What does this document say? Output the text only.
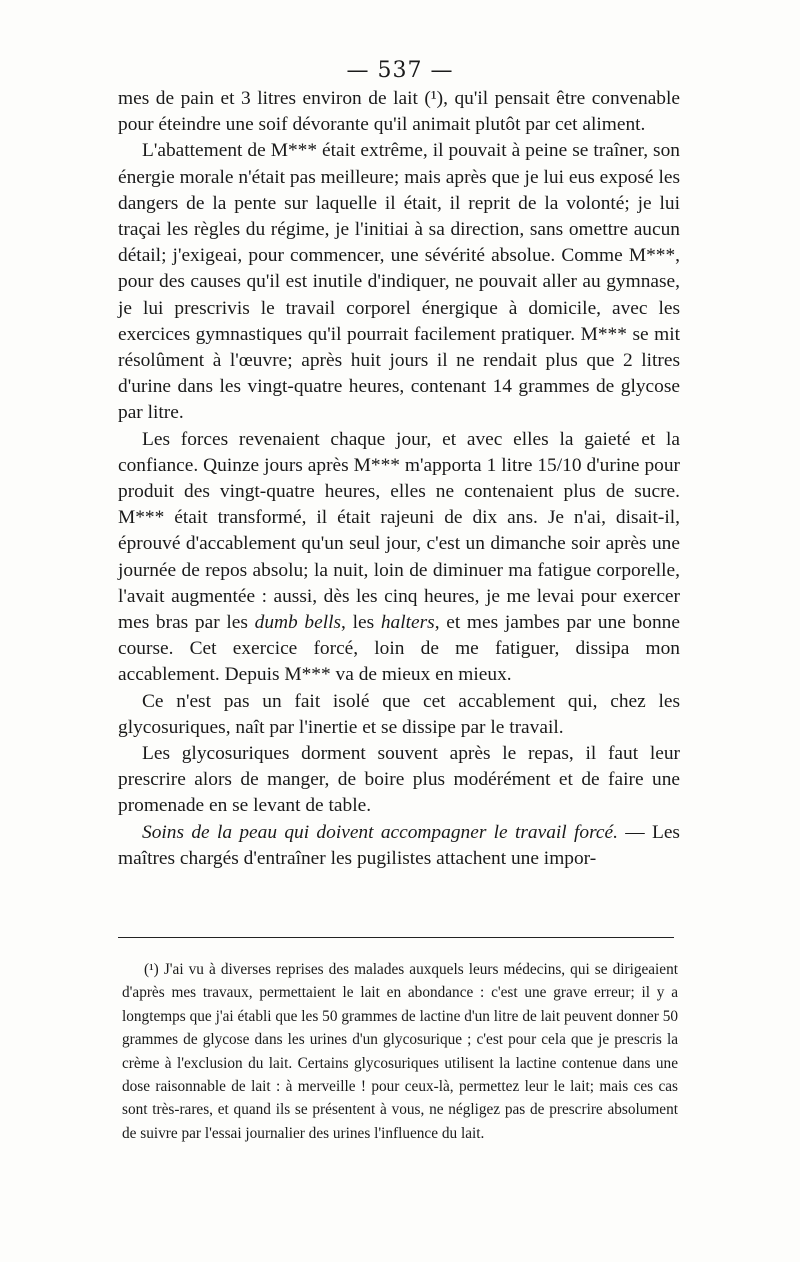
— 537 —

mes de pain et 3 litres environ de lait (¹), qu'il pensait être convenable pour éteindre une soif dévorante qu'il animait plutôt par cet aliment.

L'abattement de M*** était extrême, il pouvait à peine se traîner, son énergie morale n'était pas meilleure; mais après que je lui eus exposé les dangers de la pente sur laquelle il était, il reprit de la volonté; je lui traçai les règles du régime, je l'initiai à sa direction, sans omettre aucun détail; j'exigeai, pour commencer, une sévérité absolue. Comme M***, pour des causes qu'il est inutile d'indiquer, ne pouvait aller au gymnase, je lui prescrivis le travail corporel énergique à domicile, avec les exercices gymnastiques qu'il pourrait facilement pratiquer. M*** se mit résolûment à l'œuvre; après huit jours il ne rendait plus que 2 litres d'urine dans les vingt-quatre heures, contenant 14 grammes de glycose par litre.

Les forces revenaient chaque jour, et avec elles la gaieté et la confiance. Quinze jours après M*** m'apporta 1 litre 15/10 d'urine pour produit des vingt-quatre heures, elles ne contenaient plus de sucre. M*** était transformé, il était rajeuni de dix ans. Je n'ai, disait-il, éprouvé d'accablement qu'un seul jour, c'est un dimanche soir après une journée de repos absolu; la nuit, loin de diminuer ma fatigue corporelle, l'avait augmentée : aussi, dès les cinq heures, je me levai pour exercer mes bras par les dumb bells, les halters, et mes jambes par une bonne course. Cet exercice forcé, loin de me fatiguer, dissipa mon accablement. Depuis M*** va de mieux en mieux.

Ce n'est pas un fait isolé que cet accablement qui, chez les glycosuriques, naît par l'inertie et se dissipe par le travail.

Les glycosuriques dorment souvent après le repas, il faut leur prescrire alors de manger, de boire plus modérément et de faire une promenade en se levant de table.

Soins de la peau qui doivent accompagner le travail forcé. — Les maîtres chargés d'entraîner les pugilistes attachent une impor-

(¹) J'ai vu à diverses reprises des malades auxquels leurs médecins, qui se dirigeaient d'après mes travaux, permettaient le lait en abondance : c'est une grave erreur; il y a longtemps que j'ai établi que les 50 grammes de lactine d'un litre de lait peuvent donner 50 grammes de glycose dans les urines d'un glycosurique ; c'est pour cela que je prescris la crème à l'exclusion du lait. Certains glycosuriques utilisent la lactine contenue dans une dose raisonnable de lait : à merveille ! pour ceux-là, permettez leur le lait; mais ces cas sont très-rares, et quand ils se présentent à vous, ne négligez pas de prescrire absolument de suivre par l'essai journalier des urines l'influence du lait.
